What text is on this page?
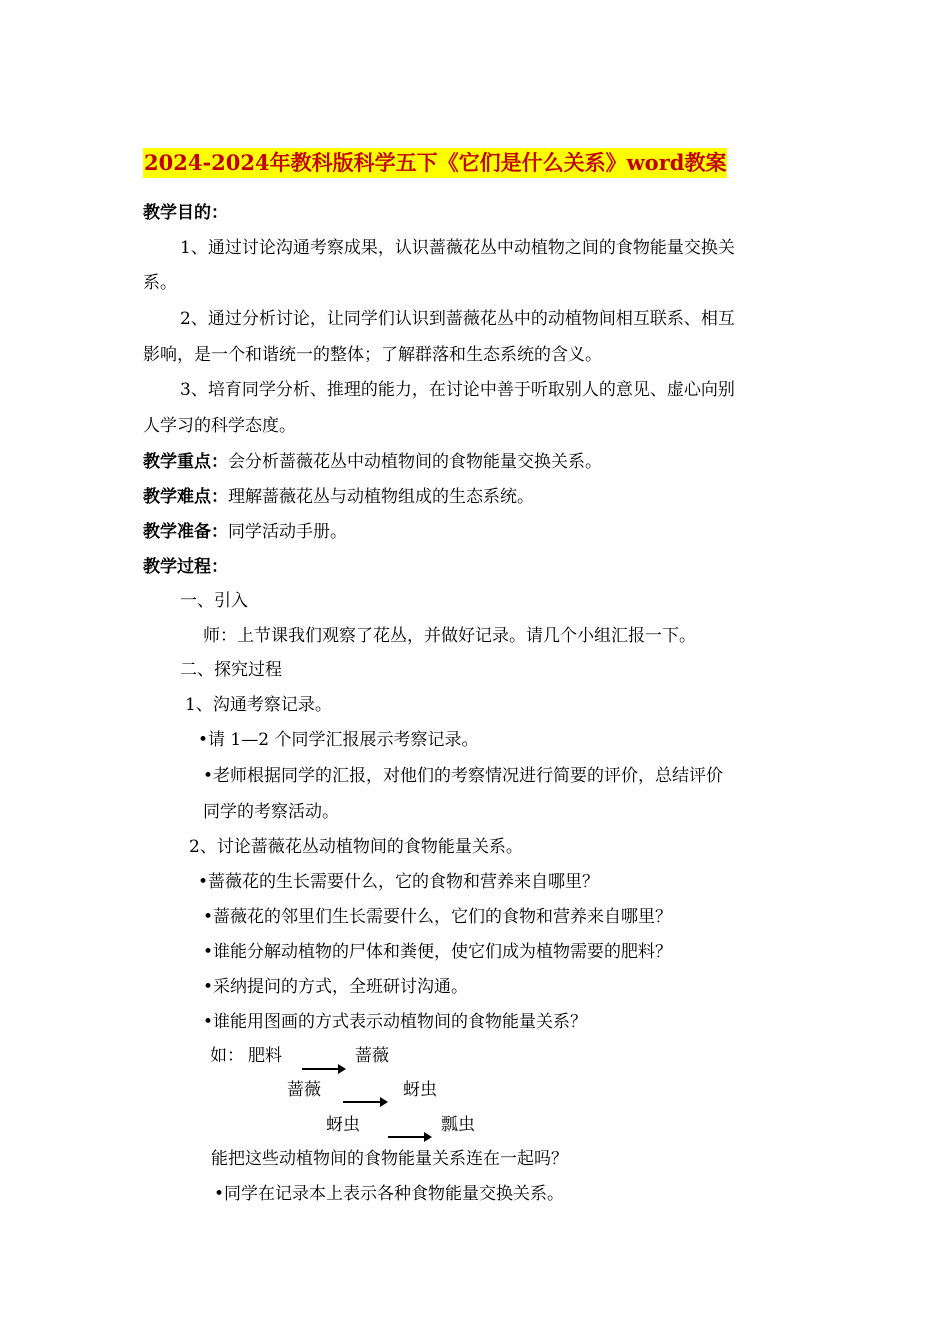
2024-2024年教科版科学五下《它们是什么关系》word教案
教学目的：
1、通过讨论沟通考察成果，认识蔷薇花丛中动植物之间的食物能量交换关
系。
2、通过分析讨论，让同学们认识到蔷薇花丛中的动植物间相互联系、相互
影响，是一个和谐统一的整体；了解群落和生态系统的含义。
3、培育同学分析、推理的能力，在讨论中善于听取别人的意见、虚心向别
人学习的科学态度。
教学重点：会分析蔷薇花丛中动植物间的食物能量交换关系。
教学难点：理解蔷薇花丛与动植物组成的生态系统。
教学准备：同学活动手册。
教学过程：
一、引入
师：上节课我们观察了花丛，并做好记录。请几个小组汇报一下。
二、探究过程
1、沟通考察记录。
•请 1—2 个同学汇报展示考察记录。
•老师根据同学的汇报，对他们的考察情况进行简要的评价，总结评价
同学的考察活动。
2、讨论蔷薇花丛动植物间的食物能量关系。
•蔷薇花的生长需要什么，它的食物和营养来自哪里？
•蔷薇花的邻里们生长需要什么，它们的食物和营养来自哪里？
•谁能分解动植物的尸体和粪便，使它们成为植物需要的肥料？
•采纳提问的方式，全班研讨沟通。
•谁能用图画的方式表示动植物间的食物能量关系？
如： 肥料	蔷薇
蔷薇	蚜虫
蚜虫	瓢虫
能把这些动植物间的食物能量关系连在一起吗？
•同学在记录本上表示各种食物能量交换关系。
